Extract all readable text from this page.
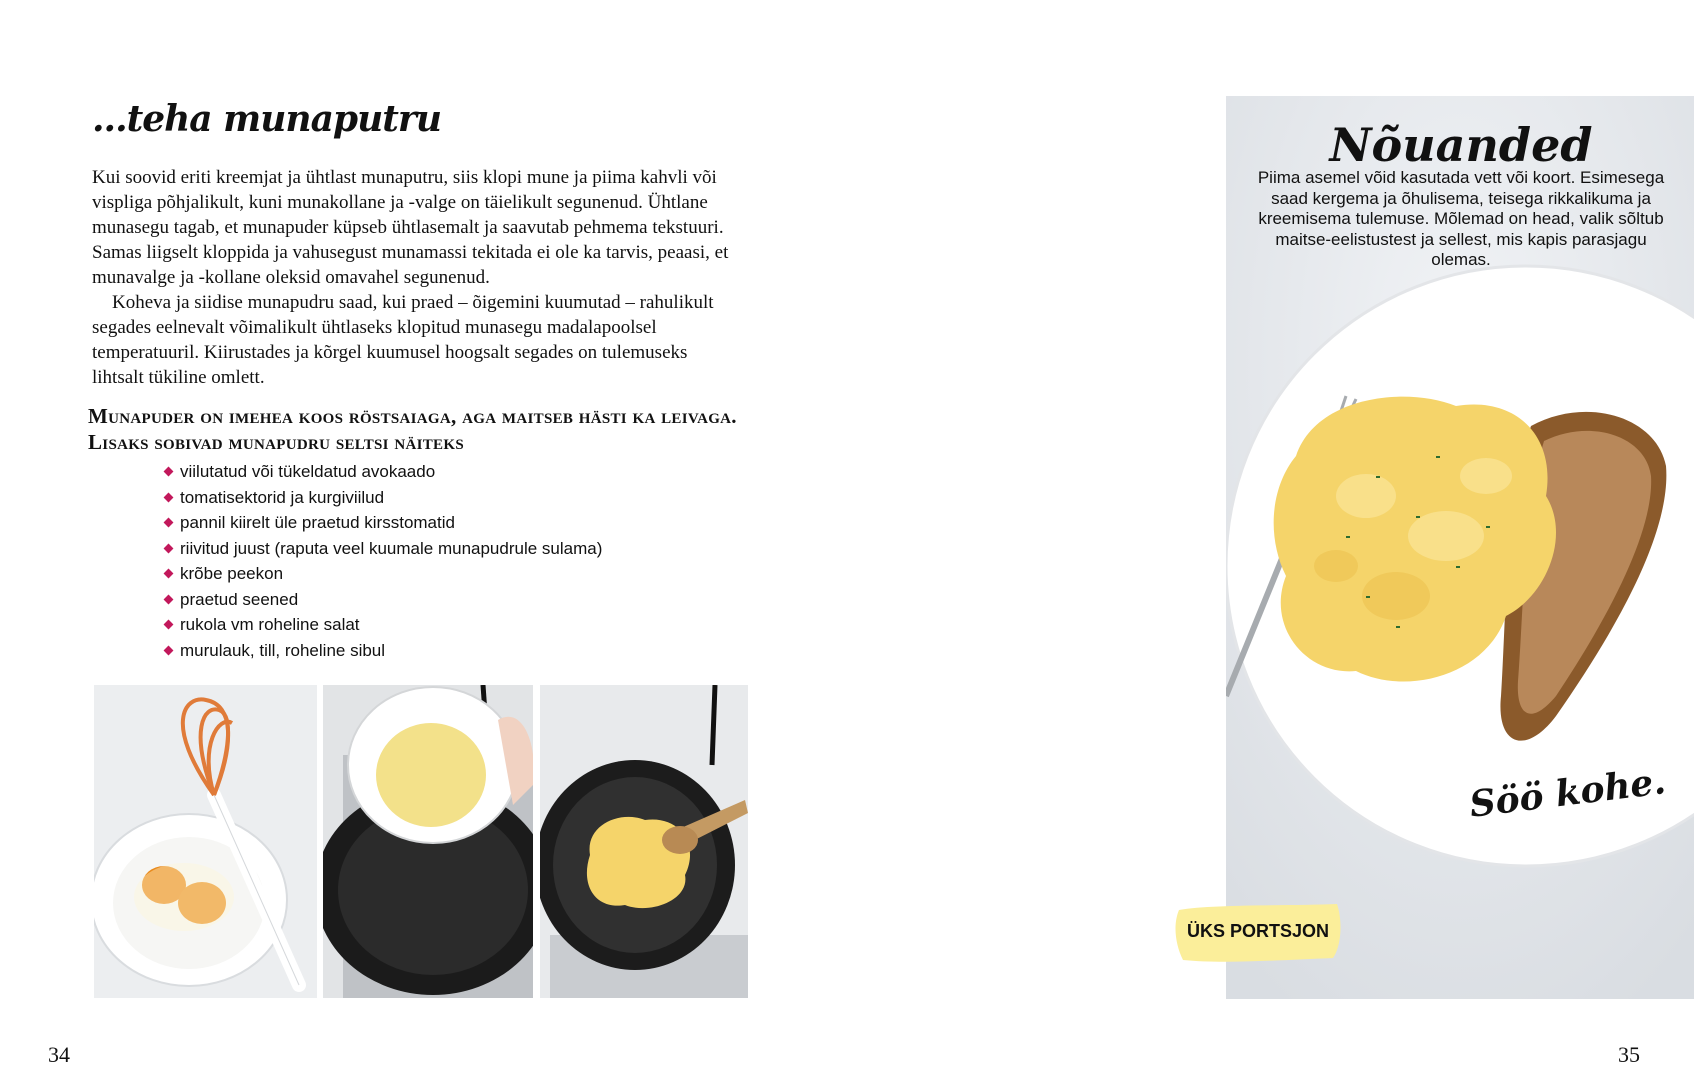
...teha munaputru

Kui soovid eriti kreemjat ja ühtlast munaputru, siis klopi mune ja piima kahvli või vispliga põhjalikult, kuni munakollane ja -valge on täielikult segunenud. Ühtlane munasegu tagab, et munapuder küpseb ühtlasemalt ja saavutab pehmema tekstuuri. Samas liigselt kloppida ja vahusegust munamassi tekitada ei ole ka tarvis, peaasi, et munavalge ja -kollane oleksid omavahel segunenud.

Koheva ja siidise munapudru saad, kui praed – õigemini kuumutad – rahulikult segades eelnevalt võimalikult ühtlaseks klopitud munasegu madalapoolsel temperatuuril. Kiirustades ja kõrgel kuumusel hoogsalt segades on tulemuseks lihtsalt tükiline omlett.

Munapuder on imehea koos röstsaiaga, aga maitseb hästi ka leivaga. Lisaks sobivad munapudru seltsi näiteks
viilutatud või tükeldatud avokaado
tomatisektorid ja kurgiviilud
pannil kiirelt üle praetud kirsstomatid
riivitud juust (raputa veel kuumale munapudrule sulama)
krõbe peekon
praetud seened
rukola vm roheline salat
murulauk, till, roheline sibul
34	35
Nõuanded
Piima asemel võid kasutada vett või koort. Esimesega saad kergema ja õhulisema, teisega rikkalikuma ja kreemisema tulemuse. Mõlemad on head, valik sõltub maitse-eelistustest ja sellest, mis kapis parasjagu olemas.
Söö kohe.
ÜKS PORTSJON
